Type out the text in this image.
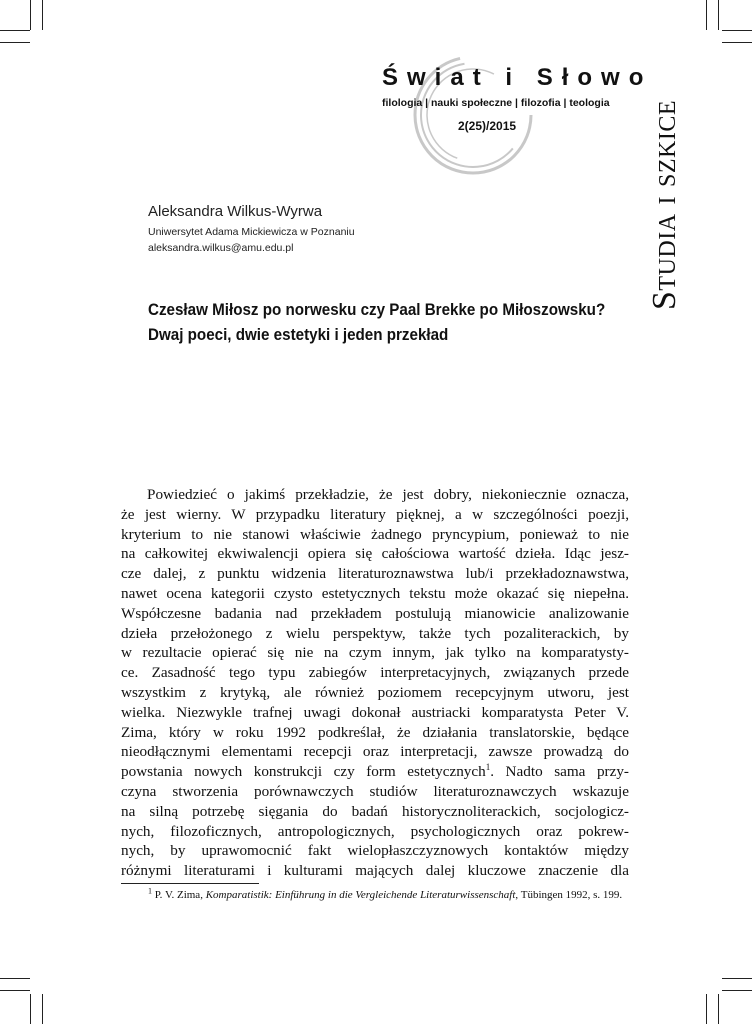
Świat i Słowo
filologia | nauki społeczne | filozofia | teologia
2(25)/2015	Studia i szkice
Aleksandra Wilkus-Wyrwa
Uniwersytet Adama Mickiewicza w Poznaniu
aleksandra.wilkus@amu.edu.pl
Czesław Miłosz po norwesku czy Paal Brekke po Miłoszowsku?
Dwaj poeci, dwie estetyki i jeden przekład
Powiedzieć o jakimś przekładzie, że jest dobry, niekoniecznie oznacza,
że jest wierny. W przypadku literatury pięknej, a w szczególności poezji,
kryterium to nie stanowi właściwie żadnego pryncypium, ponieważ to nie
na całkowitej ekwiwalencji opiera się całościowa wartość dzieła. Idąc jesz-
cze dalej, z punktu widzenia literaturoznawstwa lub/i przekładoznawstwa,
nawet ocena kategorii czysto estetycznych tekstu może okazać się niepełna.
Współczesne badania nad przekładem postulują mianowicie analizowanie
dzieła przełożonego z wielu perspektyw, także tych pozaliterackich, by
w rezultacie opierać się nie na czym innym, jak tylko na komparatysty-
ce. Zasadność tego typu zabiegów interpretacyjnych, związanych przede
wszystkim z krytyką, ale również poziomem recepcyjnym utworu, jest
wielka. Niezwykle trafnej uwagi dokonał austriacki komparatysta Peter V.
Zima, który w roku 1992 podkreślał, że działania translatorskie, będące
nieodłącznymi elementami recepcji oraz interpretacji, zawsze prowadzą do
powstania nowych konstrukcji czy form estetycznych$^1$. Nadto sama przy-
czyna stworzenia porównawczych studiów literaturoznawczych wskazuje
na silną potrzebę sięgania do badań historycznoliterackich, socjologicz-
nych, filozoficznych, antropologicznych, psychologicznych oraz pokrew-
nych, by uprawomocnić fakt wielopłaszczyznowych kontaktów między
różnymi literaturami i kulturami mających dalej kluczowe znaczenie dla
$^1$ P. V. Zima, Komparatistik: Einführung in die Vergleichende Literaturwissenschaft, Tübingen 1992, s. 199.
